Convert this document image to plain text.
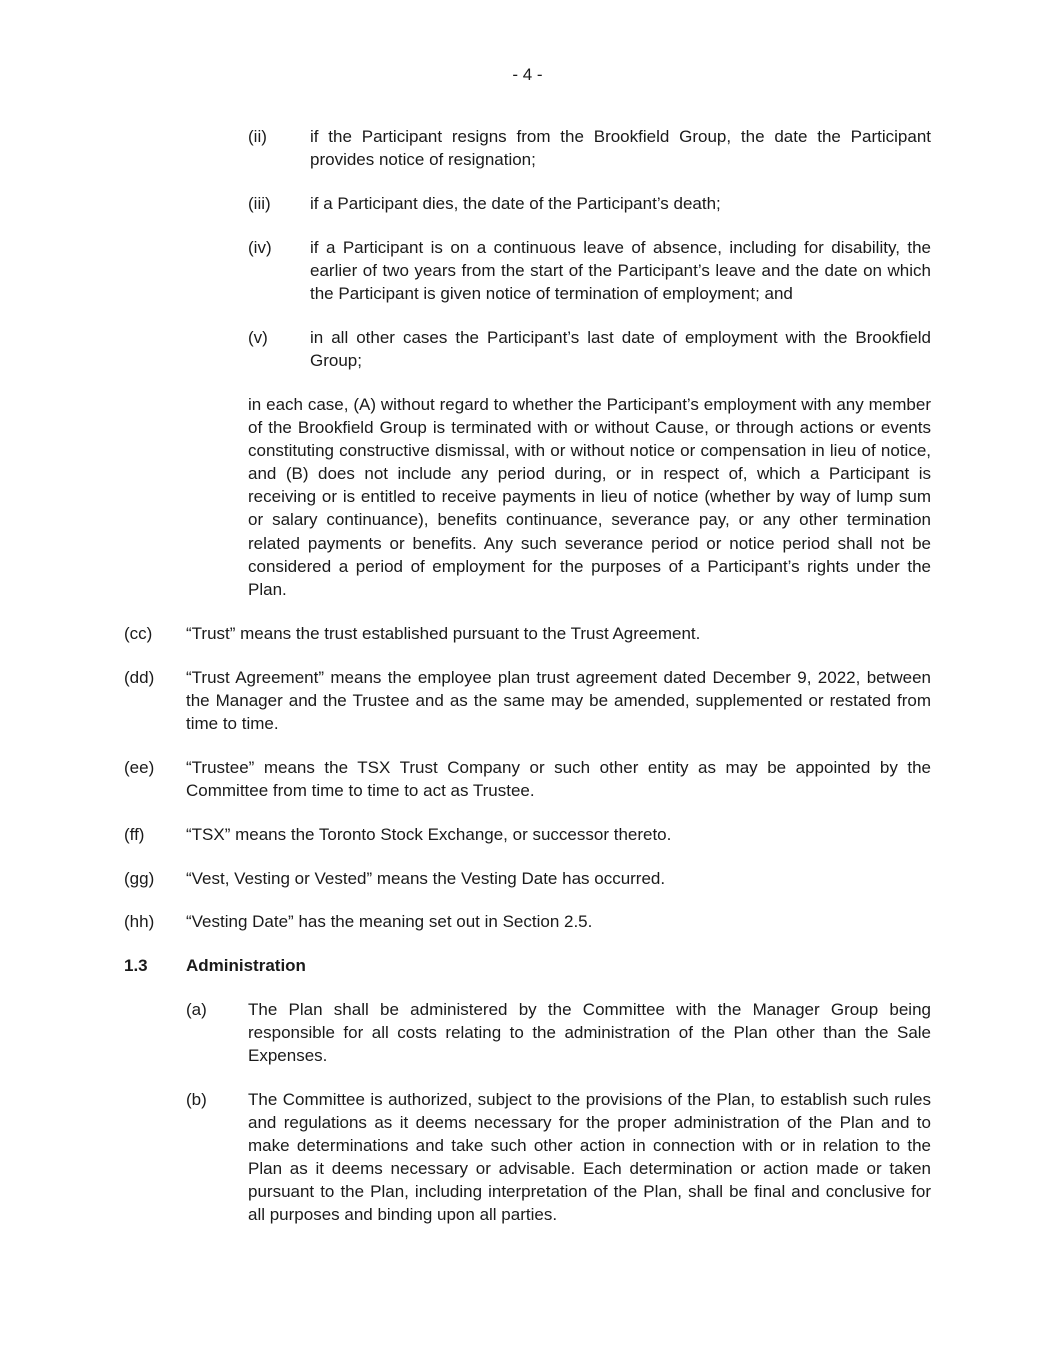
- 4 -
(ii)	if the Participant resigns from the Brookfield Group, the date the Participant provides notice of resignation;
(iii) if a Participant dies, the date of the Participant’s death;
(iv) if a Participant is on a continuous leave of absence, including for disability, the earlier of two years from the start of the Participant’s leave and the date on which the Participant is given notice of termination of employment; and
(v) in all other cases the Participant’s last date of employment with the Brookfield Group;
in each case, (A) without regard to whether the Participant’s employment with any member of the Brookfield Group is terminated with or without Cause, or through actions or events constituting constructive dismissal, with or without notice or compensation in lieu of notice, and (B) does not include any period during, or in respect of, which a Participant is receiving or is entitled to receive payments in lieu of notice (whether by way of lump sum or salary continuance), benefits continuance, severance pay, or any other termination related payments or benefits. Any such severance period or notice period shall not be considered a period of employment for the purposes of a Participant’s rights under the Plan.
(cc) “Trust” means the trust established pursuant to the Trust Agreement.
(dd) “Trust Agreement” means the employee plan trust agreement dated December 9, 2022, between the Manager and the Trustee and as the same may be amended, supplemented or restated from time to time.
(ee) “Trustee” means the TSX Trust Company or such other entity as may be appointed by the Committee from time to time to act as Trustee.
(ff) “TSX” means the Toronto Stock Exchange, or successor thereto.
(gg) “Vest, Vesting or Vested” means the Vesting Date has occurred.
(hh) “Vesting Date” has the meaning set out in Section 2.5.
1.3 Administration
(a) The Plan shall be administered by the Committee with the Manager Group being responsible for all costs relating to the administration of the Plan other than the Sale Expenses.
(b) The Committee is authorized, subject to the provisions of the Plan, to establish such rules and regulations as it deems necessary for the proper administration of the Plan and to make determinations and take such other action in connection with or in relation to the Plan as it deems necessary or advisable. Each determination or action made or taken pursuant to the Plan, including interpretation of the Plan, shall be final and conclusive for all purposes and binding upon all parties.
